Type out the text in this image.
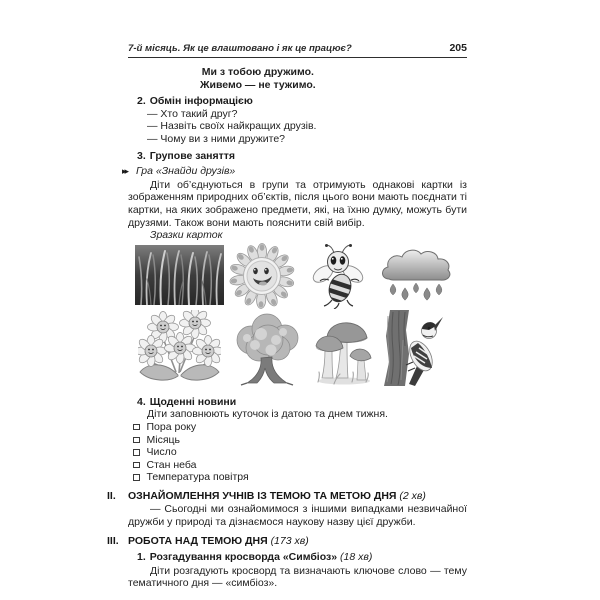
7-й місяць. Як це влаштовано і як це працює?	205
Ми з тобою дружимо.
Живемо — не тужимо.
2. Обмін інформацією
— Хто такий друг?
— Назвіть своїх найкращих друзів.
— Чому ви з ними дружите?
3. Групове заняття
▸▸ Гра «Знайди друзів»
Діти об’єднуються в групи та отримують однакові картки із зображенням природних об’єктів, після цього вони мають поєднати ті картки, на яких зображено предмети, які, на їхню думку, можуть бути друзями. Також вони мають пояснити свій вибір.
Зразки карток
4. Щоденні новини
Діти заповнюють куточок із датою та днем тижня.
Пора року
Місяць
Число
Стан неба
Температура повітря
II. ОЗНАЙОМЛЕННЯ УЧНІВ ІЗ ТЕМОЮ ТА МЕТОЮ ДНЯ (2 хв)
— Сьогодні ми ознайомимося з іншими випадками незвичайної дружби у природі та дізнаємося наукову назву цієї дружби.
III. РОБОТА НАД ТЕМОЮ ДНЯ (173 хв)
1. Розгадування кросворда «Симбіоз» (18 хв)
Діти розгадують кросворд та визначають ключове слово — тему тематичного дня — «симбіоз».
